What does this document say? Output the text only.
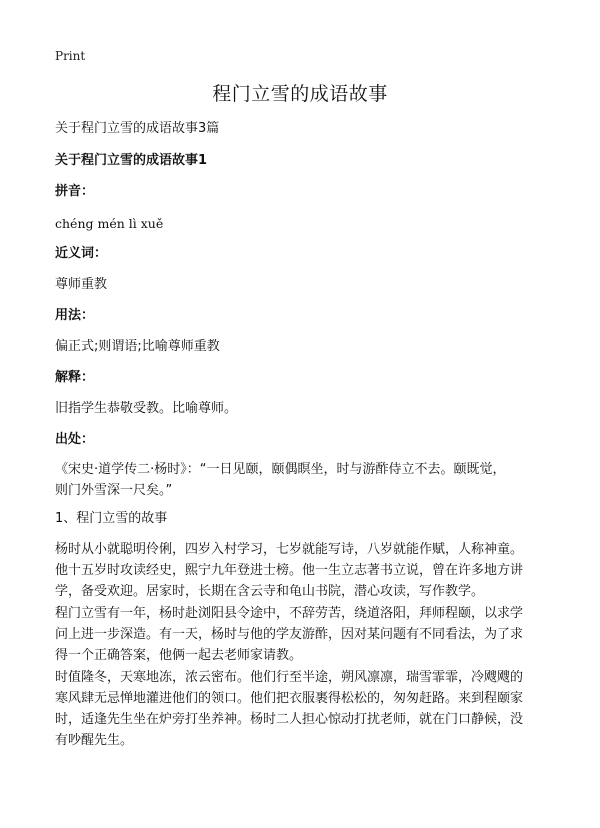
Print
程门立雪的成语故事
关于程门立雪的成语故事3篇
关于程门立雪的成语故事1
拼音：
chéng mén lì xuě
近义词：
尊师重教
用法：
偏正式;则谓语;比喻尊师重教
解释：
旧指学生恭敬受教。比喻尊师。
出处：
《宋史·道学传二·杨时》：“一日见颐，颐偶瞑坐，时与游酢侍立不去。颐既觉，
则门外雪深一尺矣。”
1、程门立雪的故事
杨时从小就聪明伶俐，四岁入村学习，七岁就能写诗，八岁就能作赋，人称神童。
他十五岁时攻读经史，熙宁九年登进士榜。他一生立志著书立说，曾在许多地方讲
学，备受欢迎。居家时，长期在含云寺和龟山书院，潜心攻读，写作教学。
程门立雪有一年，杨时赴浏阳县令途中，不辞劳苦，绕道洛阳，拜师程颐，以求学
问上进一步深造。有一天，杨时与他的学友游酢，因对某问题有不同看法，为了求
得一个正确答案，他俩一起去老师家请教。
时值隆冬，天寒地冻，浓云密布。他们行至半途，朔风凛凛，瑞雪霏霏，冷飕飕的
寒风肆无忌惮地灌进他们的领口。他们把衣服裹得松松的，匆匆赶路。来到程颐家
时，适逢先生坐在炉旁打坐养神。杨时二人担心惊动打扰老师，就在门口静候，没
有吵醒先生。
